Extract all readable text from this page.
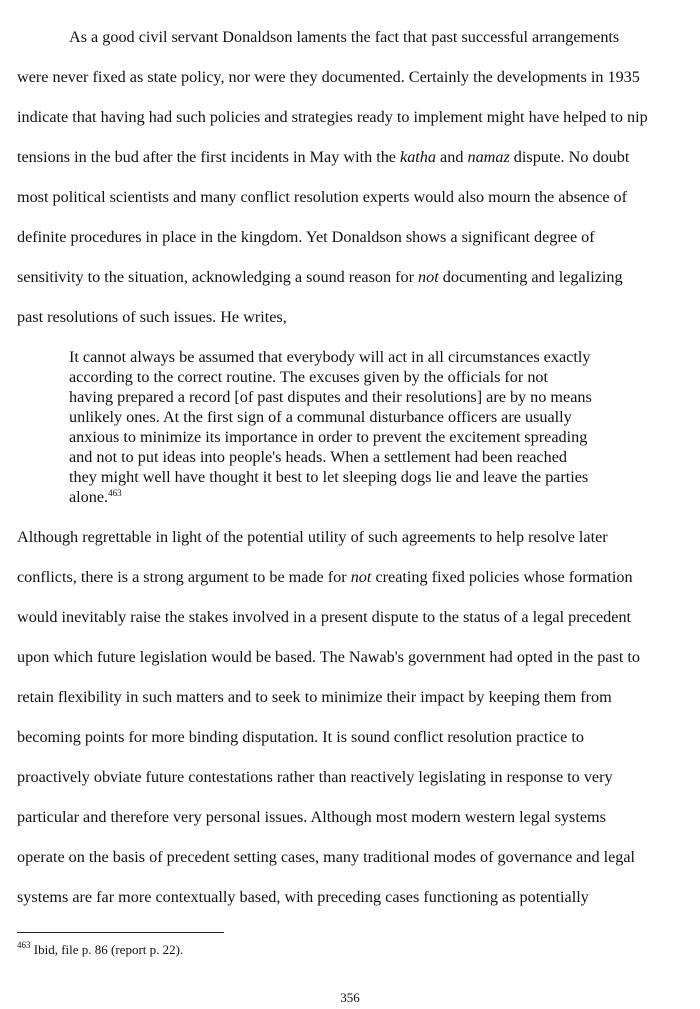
As a good civil servant Donaldson laments the fact that past successful arrangements

were never fixed as state policy, nor were they documented. Certainly the developments in 1935

indicate that having had such policies and strategies ready to implement might have helped to nip

tensions in the bud after the first incidents in May with the katha and namaz dispute. No doubt

most political scientists and many conflict resolution experts would also mourn the absence of

definite procedures in place in the kingdom. Yet Donaldson shows a significant degree of

sensitivity to the situation, acknowledging a sound reason for not documenting and legalizing

past resolutions of such issues. He writes,

It cannot always be assumed that everybody will act in all circumstances exactly

according to the correct routine. The excuses given by the officials for not

having prepared a record [of past disputes and their resolutions] are by no means

unlikely ones. At the first sign of a communal disturbance officers are usually

anxious to minimize its importance in order to prevent the excitement spreading

and not to put ideas into people's heads. When a settlement had been reached

they might well have thought it best to let sleeping dogs lie and leave the parties

alone.$^{463}$

Although regrettable in light of the potential utility of such agreements to help resolve later

conflicts, there is a strong argument to be made for not creating fixed policies whose formation

would inevitably raise the stakes involved in a present dispute to the status of a legal precedent

upon which future legislation would be based. The Nawab's government had opted in the past to

retain flexibility in such matters and to seek to minimize their impact by keeping them from

becoming points for more binding disputation. It is sound conflict resolution practice to

proactively obviate future contestations rather than reactively legislating in response to very

particular and therefore very personal issues. Although most modern western legal systems

operate on the basis of precedent setting cases, many traditional modes of governance and legal

systems are far more contextually based, with preceding cases functioning as potentially

$^{463}$ Ibid, file p. 86 (report p. 22).
356
